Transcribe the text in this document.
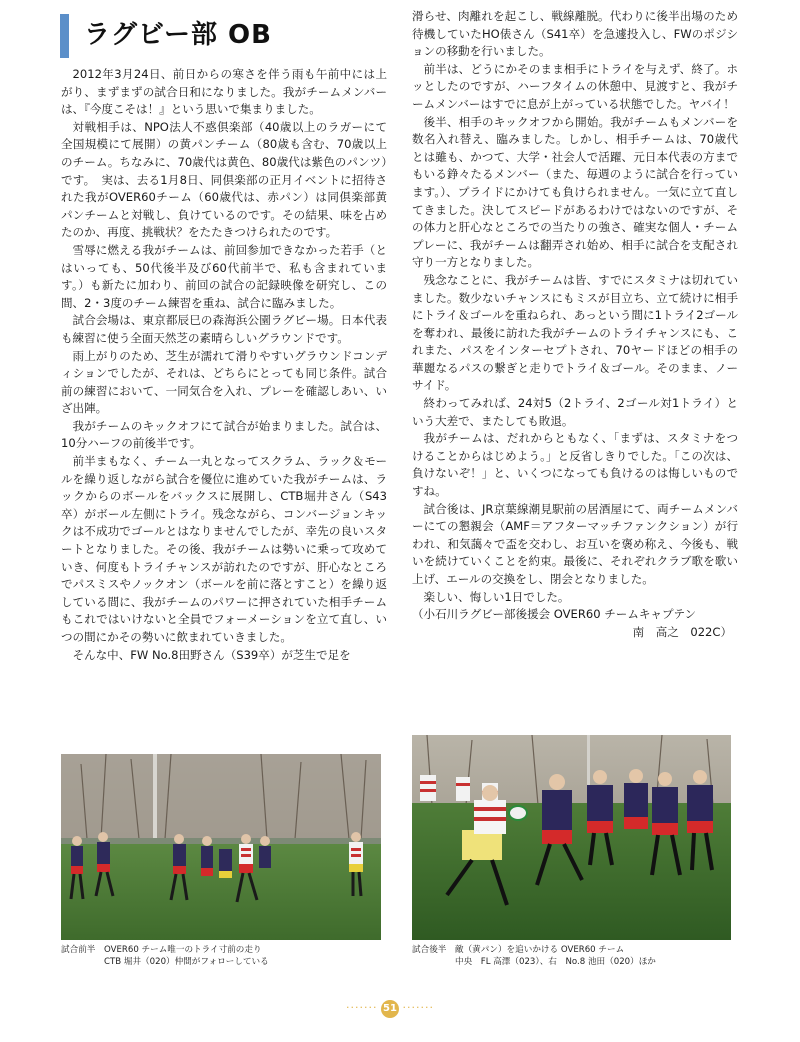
ラグビー部 OB

2012年3月24日、前日からの寒さを伴う雨も午前中には上がり、まずまずの試合日和になりました。我がチームメンバーは、『今度こそは！』という思いで集まりました。

対戦相手は、NPO法人不惑倶楽部（40歳以上のラガーにて全国規模にて展開）の黄パンチーム（80歳も含む、70歳以上のチーム。ちなみに、70歳代は黄色、80歳代は紫色のパンツ）です。　実は、去る1月8日、同倶楽部の正月イベントに招待された我がOVER60チーム（60歳代は、赤パン）は同倶楽部黄パンチームと対戦し、負けているのです。その結果、味を占めたのか、再度、挑戦状？をたたきつけられたのです。

雪辱に燃える我がチームは、前回参加できなかった若手（とはいっても、50代後半及び60代前半で、私も含まれています。）も新たに加わり、前回の試合の記録映像を研究し、この間、2・3度のチーム練習を重ね、試合に臨みました。

試合会場は、東京都辰巳の森海浜公園ラグビー場。日本代表も練習に使う全面天然芝の素晴らしいグラウンドです。

雨上がりのため、芝生が濡れて滑りやすいグラウンドコンディションでしたが、それは、どちらにとっても同じ条件。試合前の練習において、一同気合を入れ、プレーを確認しあい、いざ出陣。

我がチームのキックオフにて試合が始まりました。試合は、10分ハーフの前後半です。

前半まもなく、チーム一丸となってスクラム、ラック＆モールを繰り返しながら試合を優位に進めていた我がチームは、ラックからのボールをバックスに展開し、CTB堀井さん（S43卒）がボール左側にトライ。残念ながら、コンバージョンキックは不成功でゴールとはなりませんでしたが、幸先の良いスタートとなりました。その後、我がチームは勢いに乗って攻めていき、何度もトライチャンスが訪れたのですが、肝心なところでパスミスやノックオン（ボールを前に落とすこと）を繰り返している間に、我がチームのパワーに押されていた相手チームもこれではいけないと全員でフォーメーションを立て直し、いつの間にかその勢いに飲まれていきました。

そんな中、FW No.8田野さん（S39卒）が芝生で足を

滑らせ、肉離れを起こし、戦線離脱。代わりに後半出場のため待機していたHO俵さん（S41卒）を急遽投入し、FWのポジションの移動を行いました。

前半は、どうにかそのまま相手にトライを与えず、終了。ホッとしたのですが、ハーフタイムの休憩中、見渡すと、我がチームメンバーはすでに息が上がっている状態でした。ヤバイ！

後半、相手のキックオフから開始。我がチームもメンバーを数名入れ替え、臨みました。しかし、相手チームは、70歳代とは雖も、かつて、大学・社会人で活躍、元日本代表の方までもいる錚々たるメンバー（また、毎週のように試合を行っています。）、プライドにかけても負けられません。一気に立て直してきました。決してスピードがあるわけではないのですが、その体力と肝心なところでの当たりの強さ、確実な個人・チームプレーに、我がチームは翻弄され始め、相手に試合を支配され守り一方となりました。

残念なことに、我がチームは皆、すでにスタミナは切れていました。数少ないチャンスにもミスが目立ち、立て続けに相手にトライ＆ゴールを重ねられ、あっという間に1トライ2ゴールを奪われ、最後に訪れた我がチームのトライチャンスにも、これまた、パスをインターセプトされ、70ヤードほどの相手の華麗なるパスの繋ぎと走りでトライ＆ゴール。そのまま、ノーサイド。

終わってみれば、24対5（2トライ、2ゴール対1トライ）という大差で、またしても敗退。

我がチームは、だれからともなく、「まずは、スタミナをつけることからはじめよう。」と反省しきりでした。「この次は、負けないぞ！」と、いくつになっても負けるのは悔しいものですね。

試合後は、JR京葉線潮見駅前の居酒屋にて、両チームメンバーにての懇親会（AMF＝アフターマッチファンクション）が行われ、和気藹々で盃を交わし、お互いを褒め称え、今後も、戦いを続けていくことを約束。最後に、それぞれクラブ歌を歌い上げ、エールの交換をし、閉会となりました。

楽しい、悔しい1日でした。

（小石川ラグビー部後援会 OVER60 チームキャプテン

南　高之　022C）

試合前半　OVER60 チーム唯一のトライ寸前の走り
　　　　　CTB 堀井（020）仲間がフォローしている
試合後半　敵（黄パン）を追いかける OVER60 チーム
　　　　　中央　FL 高澤（023）、右　No.8 池田（020）ほか
······· 51 ·······
